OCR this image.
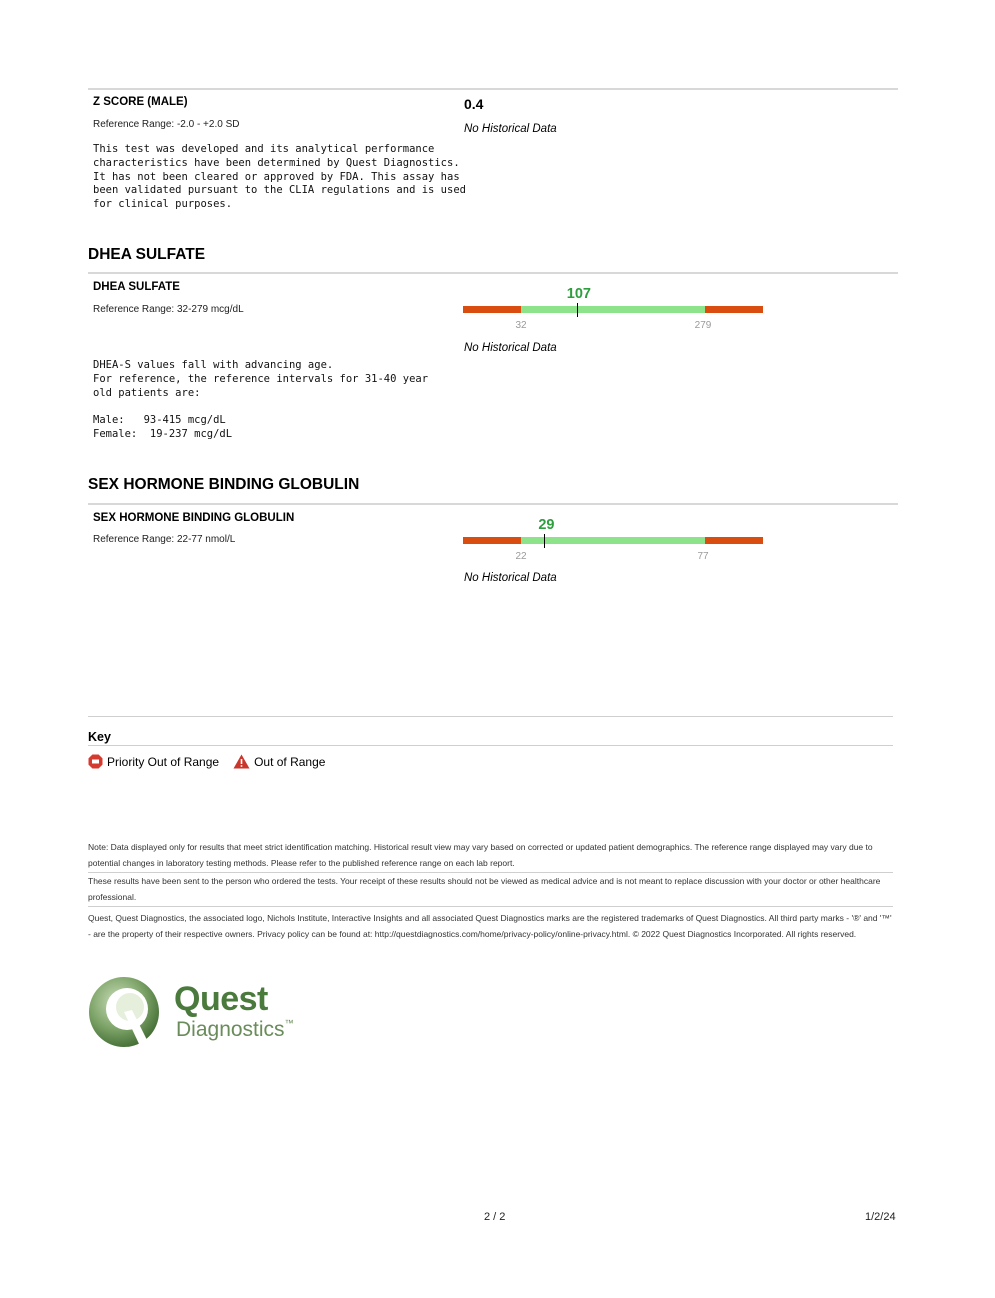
Z SCORE (MALE)	0.4
Reference Range: -2.0 - +2.0 SD	No Historical Data
This test was developed and its analytical performance
characteristics have been determined by Quest Diagnostics.
It has not been cleared or approved by FDA. This assay has
been validated pursuant to the CLIA regulations and is used
for clinical purposes.
DHEA SULFATE
DHEA SULFATE
Reference Range: 32-279 mcg/dL
107
32	279
No Historical Data
DHEA-S values fall with advancing age.
For reference, the reference intervals for 31-40 year
old patients are:

Male:   93-415 mcg/dL
Female:  19-237 mcg/dL
SEX HORMONE BINDING GLOBULIN
SEX HORMONE BINDING GLOBULIN
Reference Range: 22-77 nmol/L
29
22	77
No Historical Data
Key
Priority Out of Range	Out of Range
Note: Data displayed only for results that meet strict identification matching. Historical result view may vary based on corrected or updated patient demographics. The reference range displayed may vary due to potential changes in laboratory testing methods. Please refer to the published reference range on each lab report.
These results have been sent to the person who ordered the tests. Your receipt of these results should not be viewed as medical advice and is not meant to replace discussion with your doctor or other healthcare professional.
Quest, Quest Diagnostics, the associated logo, Nichols Institute, Interactive Insights and all associated Quest Diagnostics marks are the registered trademarks of Quest Diagnostics. All third party marks - '®' and '™' - are the property of their respective owners. Privacy policy can be found at: http://questdiagnostics.com/home/privacy-policy/online-privacy.html. © 2022 Quest Diagnostics Incorporated. All rights reserved.
Quest
Diagnostics™
2 / 2	1/2/24
